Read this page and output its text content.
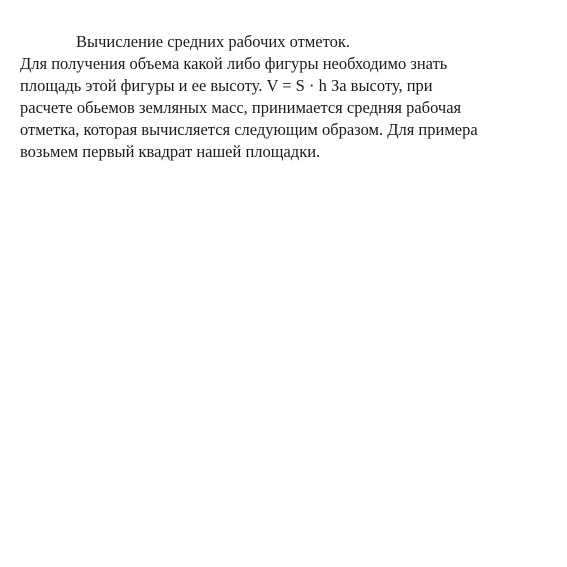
Вычисление средних рабочих отметок.

Для получения объема какой либо фигуры необходимо знать
площадь этой фигуры и ее высоту. V = S · h За высоту, при
расчете обьемов земляных масс, принимается средняя рабочая
отметка, которая вычисляется следующим образом. Для примера
возьмем первый квадрат нашей площадки.
